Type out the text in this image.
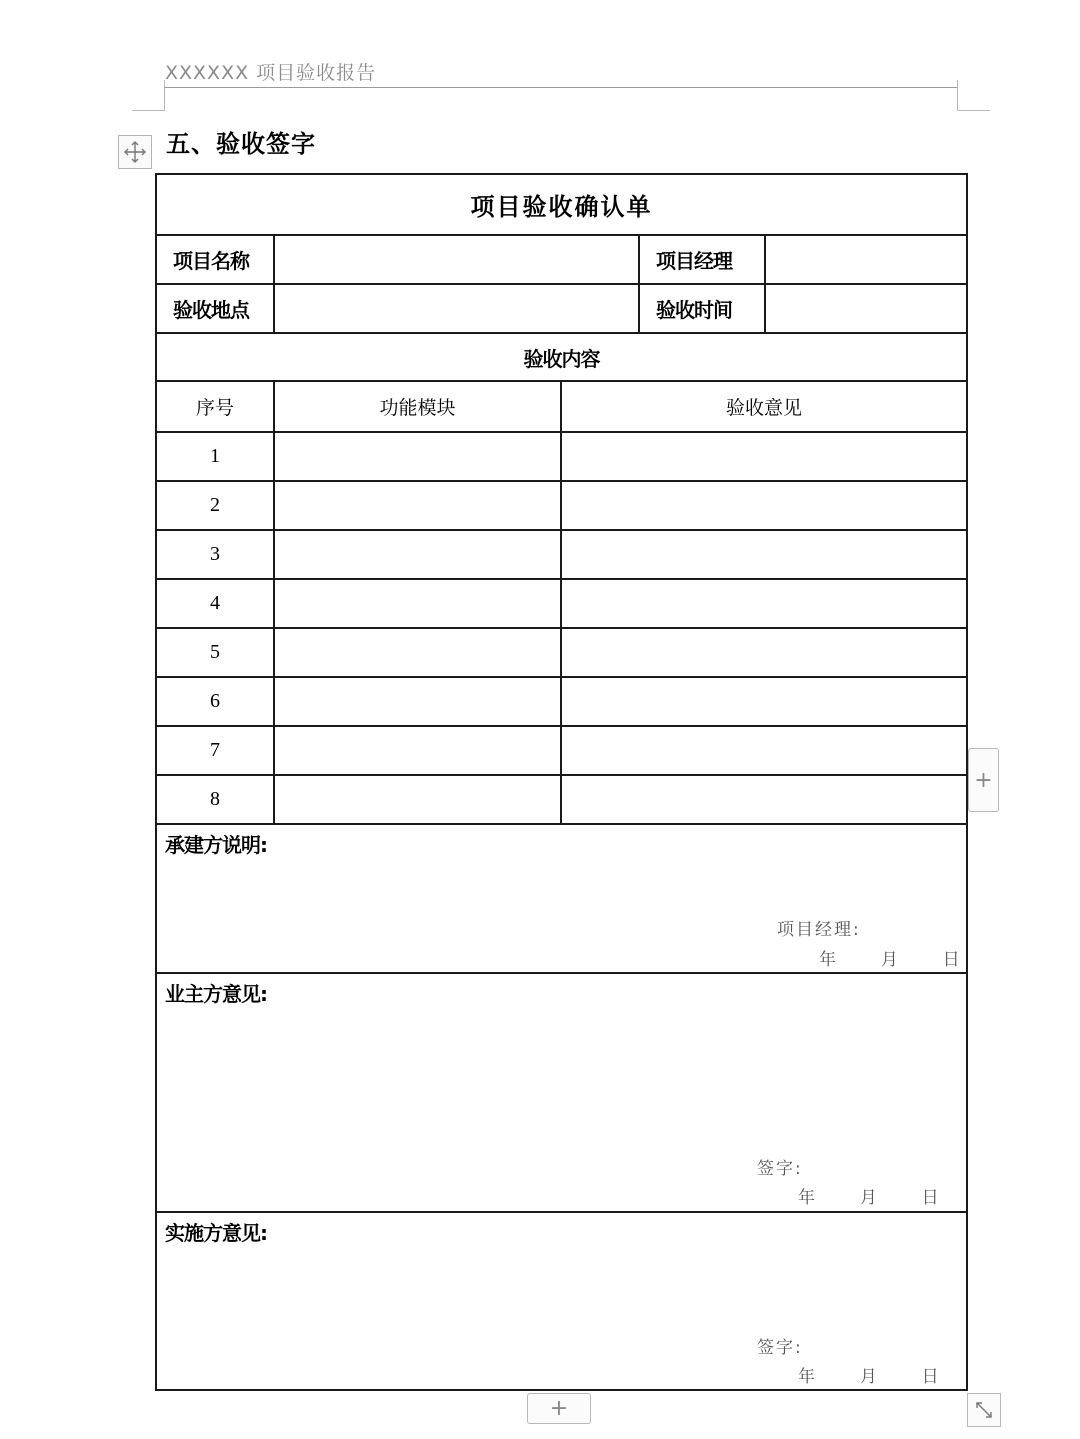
XXXXXX 项目验收报告
五、验收签字
项目验收确认单				
项目名称			项目经理	
验收地点			验收时间	
验收内容				
序号	功能模块	验收意见		
1				
2				
3				
4				
5				
6				
7				
8				

承建方说明:
项目经理:
年 月 日				

业主方意见:
签字:
年 月 日				

实施方意见:
签字:
年 月 日				
+
+
